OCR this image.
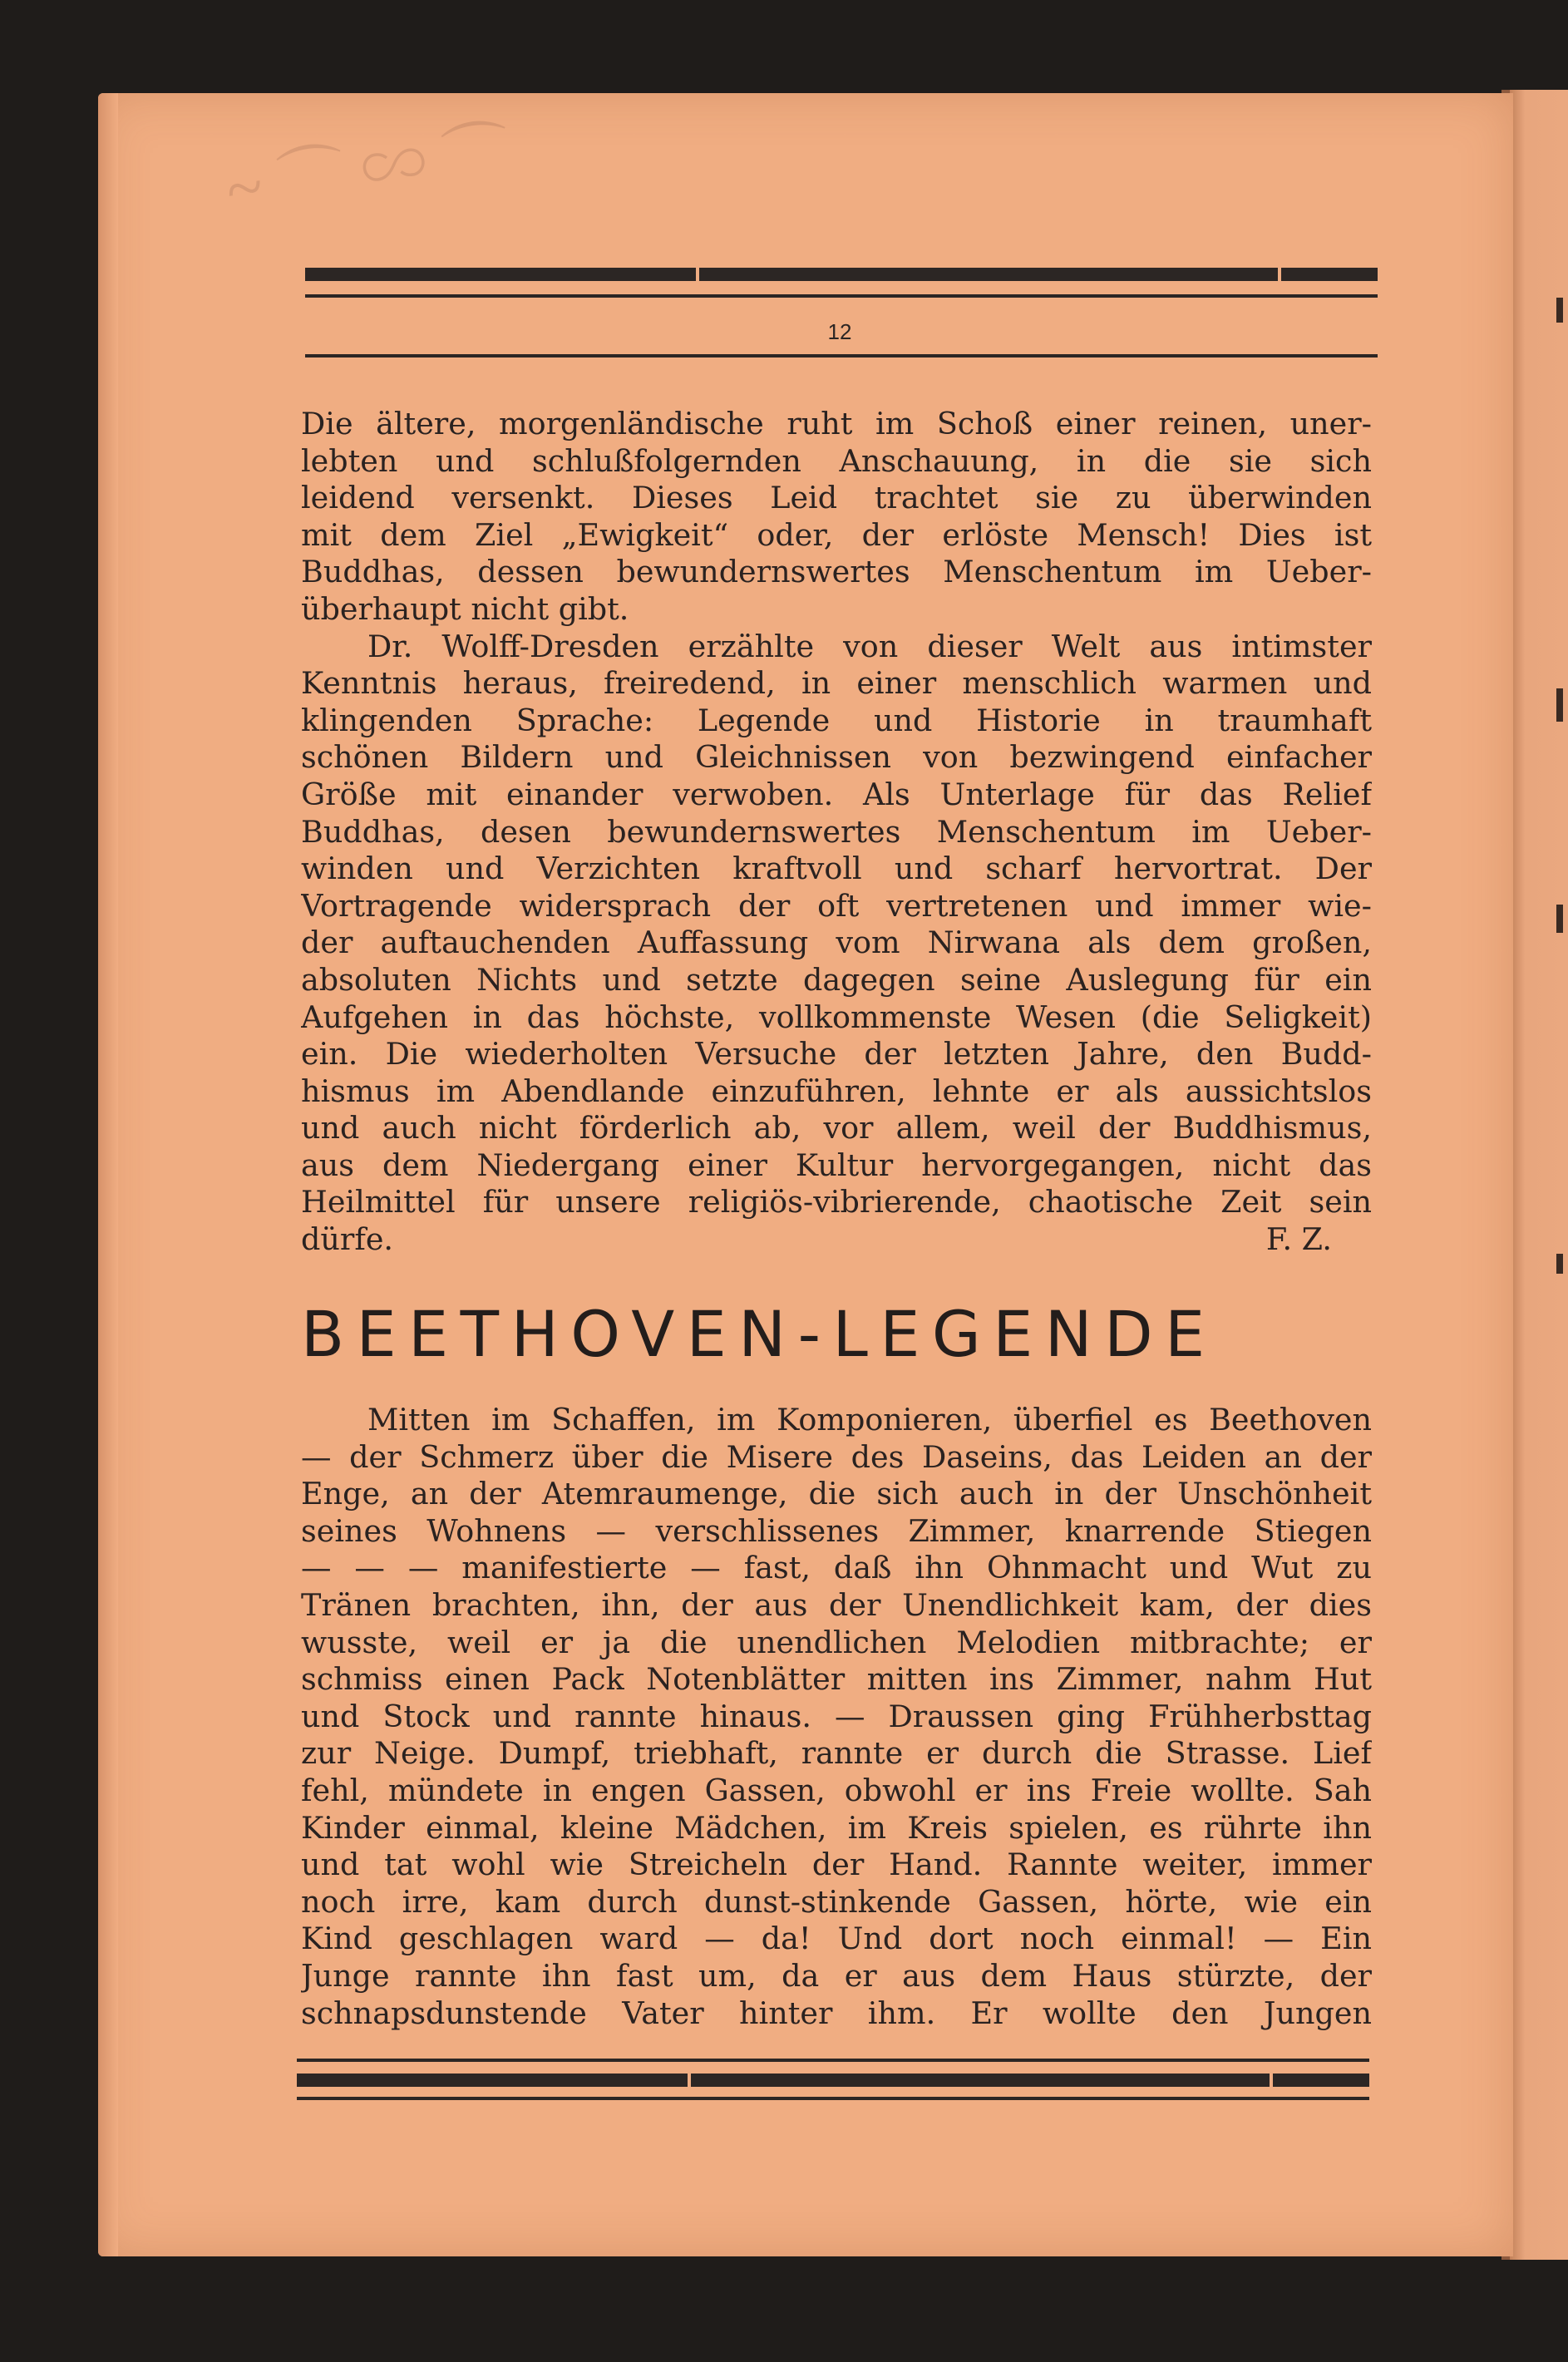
~ ⌒ ∽ ⌒
12
Die ältere, morgenländische ruht im Schoß einer reinen, uner-
lebten und schlußfolgernden Anschauung, in die sie sich
leidend versenkt. Dieses Leid trachtet sie zu überwinden
mit dem Ziel „Ewigkeit“ oder, der erlöste Mensch! Dies ist
Buddhas, dessen bewundernswertes Menschentum im Ueber-
überhaupt nicht gibt.
Dr. Wolff-Dresden erzählte von dieser Welt aus intimster
Kenntnis heraus, freiredend, in einer menschlich warmen und
klingenden Sprache: Legende und Historie in traumhaft
schönen Bildern und Gleichnissen von bezwingend einfacher
Größe mit einander verwoben. Als Unterlage für das Relief
Buddhas, desen bewundernswertes Menschentum im Ueber-
winden und Verzichten kraftvoll und scharf hervortrat. Der
Vortragende widersprach der oft vertretenen und immer wie-
der auftauchenden Auffassung vom Nirwana als dem großen,
absoluten Nichts und setzte dagegen seine Auslegung für ein
Aufgehen in das höchste, vollkommenste Wesen (die Seligkeit)
ein. Die wiederholten Versuche der letzten Jahre, den Budd-
hismus im Abendlande einzuführen, lehnte er als aussichtslos
und auch nicht förderlich ab, vor allem, weil der Buddhismus,
aus dem Niedergang einer Kultur hervorgegangen, nicht das
Heilmittel für unsere religiös-vibrierende, chaotische Zeit sein
dürfe.	F. Z.
BEETHOVEN-LEGENDE
Mitten im Schaffen, im Komponieren, überfiel es Beethoven
— der Schmerz über die Misere des Daseins, das Leiden an der
Enge, an der Atemraumenge, die sich auch in der Unschönheit
seines Wohnens — verschlissenes Zimmer, knarrende Stiegen
— — — manifestierte — fast, daß ihn Ohnmacht und Wut zu
Tränen brachten, ihn, der aus der Unendlichkeit kam, der dies
wusste, weil er ja die unendlichen Melodien mitbrachte; er
schmiss einen Pack Notenblätter mitten ins Zimmer, nahm Hut
und Stock und rannte hinaus. — Draussen ging Frühherbsttag
zur Neige. Dumpf, triebhaft, rannte er durch die Strasse. Lief
fehl, mündete in engen Gassen, obwohl er ins Freie wollte. Sah
Kinder einmal, kleine Mädchen, im Kreis spielen, es rührte ihn
und tat wohl wie Streicheln der Hand. Rannte weiter, immer
noch irre, kam durch dunst-stinkende Gassen, hörte, wie ein
Kind geschlagen ward — da! Und dort noch einmal! — Ein
Junge rannte ihn fast um, da er aus dem Haus stürzte, der
schnapsdunstende Vater hinter ihm. Er wollte den Jungen
